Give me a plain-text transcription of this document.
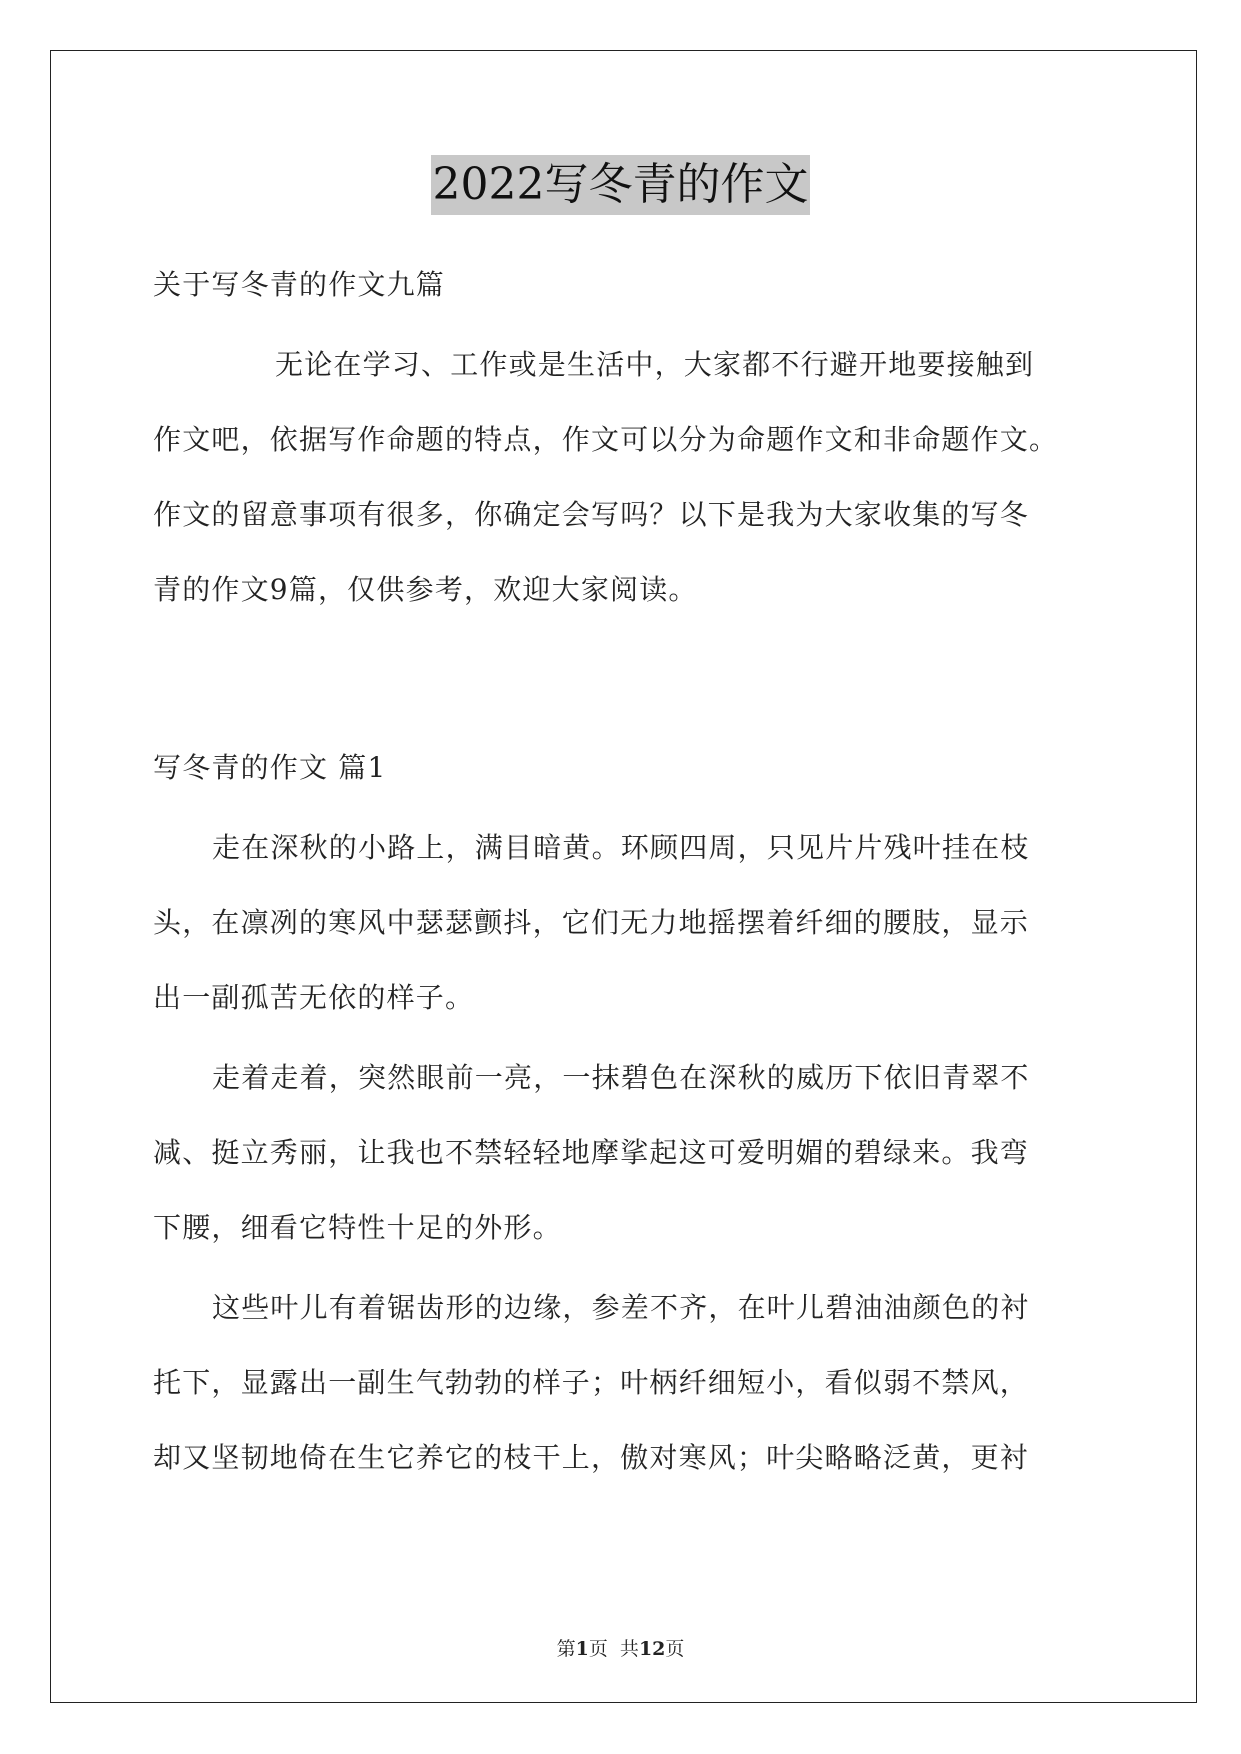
2022写冬青的作文
关于写冬青的作文九篇
无论在学习、工作或是生活中，大家都不行避开地要接触到
作文吧，依据写作命题的特点，作文可以分为命题作文和非命题作文。
作文的留意事项有很多，你确定会写吗？以下是我为大家收集的写冬
青的作文9篇，仅供参考，欢迎大家阅读。
写冬青的作文 篇1
走在深秋的小路上，满目暗黄。环顾四周，只见片片残叶挂在枝
头，在凛冽的寒风中瑟瑟颤抖，它们无力地摇摆着纤细的腰肢，显示
出一副孤苦无依的样子。
走着走着，突然眼前一亮，一抹碧色在深秋的威历下依旧青翠不
减、挺立秀丽，让我也不禁轻轻地摩挲起这可爱明媚的碧绿来。我弯
下腰，细看它特性十足的外形。
这些叶儿有着锯齿形的边缘，参差不齐，在叶儿碧油油颜色的衬
托下，显露出一副生气勃勃的样子；叶柄纤细短小，看似弱不禁风，
却又坚韧地倚在生它养它的枝干上，傲对寒风；叶尖略略泛黄，更衬
第1页  共12页
